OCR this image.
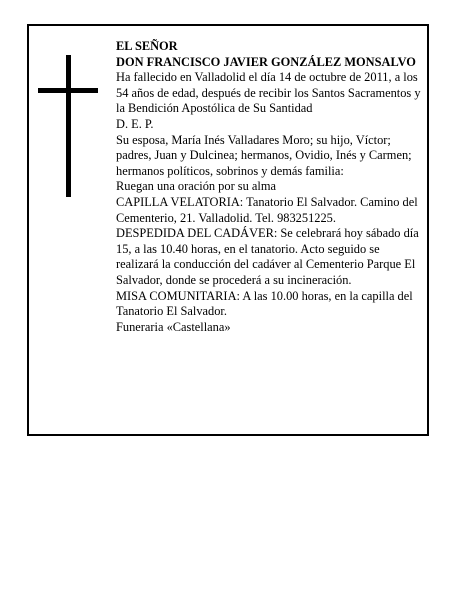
EL SEÑOR
DON FRANCISCO JAVIER GONZÁLEZ MONSALVO
Ha fallecido en Valladolid el día 14 de octubre de 2011, a los 54 años de edad, después de recibir los Santos Sacramentos y la Bendición Apostólica de Su Santidad
D. E. P.
Su esposa, María Inés Valladares Moro; su hijo, Víctor; padres, Juan y Dulcinea; hermanos, Ovidio, Inés y Carmen; hermanos políticos, sobrinos y demás familia:
Ruegan una oración por su alma
CAPILLA VELATORIA: Tanatorio El Salvador. Camino del Cementerio, 21. Valladolid. Tel. 983251225.
DESPEDIDA DEL CADÁVER: Se celebrará hoy sábado día 15, a las 10.40 horas, en el tanatorio. Acto seguido se realizará la conducción del cadáver al Cementerio Parque El Salvador, donde se procederá a su incineración.
MISA COMUNITARIA: A las 10.00 horas, en la capilla del Tanatorio El Salvador.
Funeraria «Castellana»
